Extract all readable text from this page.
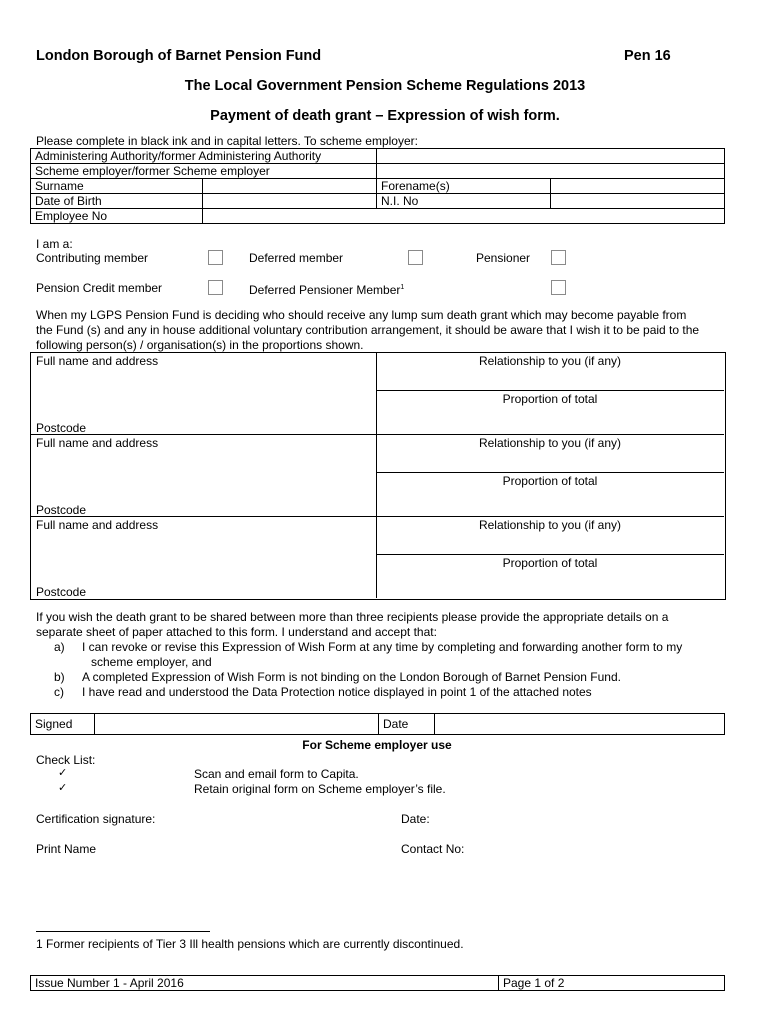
London Borough of Barnet Pension Fund	Pen 16
The Local Government Pension Scheme Regulations 2013
Payment of death grant – Expression of wish form.
Please complete in black ink and in capital letters. To scheme employer:
Administering Authority/former Administering Authority			
Scheme employer/former Scheme employer			
Surname		Forename(s)	
Date of Birth		N.I. No	
Employee No			
I am a:
Contributing member	Deferred member	Pensioner
Pension Credit member	Deferred Pensioner Member$^1$
When my LGPS Pension Fund is deciding who should receive any lump sum death grant which may become payable from
the Fund (s) and any in house additional voluntary contribution arrangement, it should be aware that I wish it to be paid to the
following person(s) / organisation(s) in the proportions shown.
Full name and address
Postcode
Relationship to you (if any)
Proportion of total
Full name and address
Postcode
Relationship to you (if any)
Proportion of total
Full name and address
Postcode
Relationship to you (if any)
Proportion of total
If you wish the death grant to be shared between more than three recipients please provide the appropriate details on a
separate sheet of paper attached to this form. I understand and accept that:
a) I can revoke or revise this Expression of Wish Form at any time by completing and forwarding another form to my
scheme employer, and
b) A completed Expression of Wish Form is not binding on the London Borough of Barnet Pension Fund.
c) I have read and understood the Data Protection notice displayed in point 1 of the attached notes
Signed		Date	
For Scheme employer use
Check List:
✓	Scan and email form to Capita.
✓	Retain original form on Scheme employer’s file.
Certification signature:	Date:
Print Name	Contact No:
1 Former recipients of Tier 3 Ill health pensions which are currently discontinued.
Issue Number 1 - April 2016	Page 1 of 2
